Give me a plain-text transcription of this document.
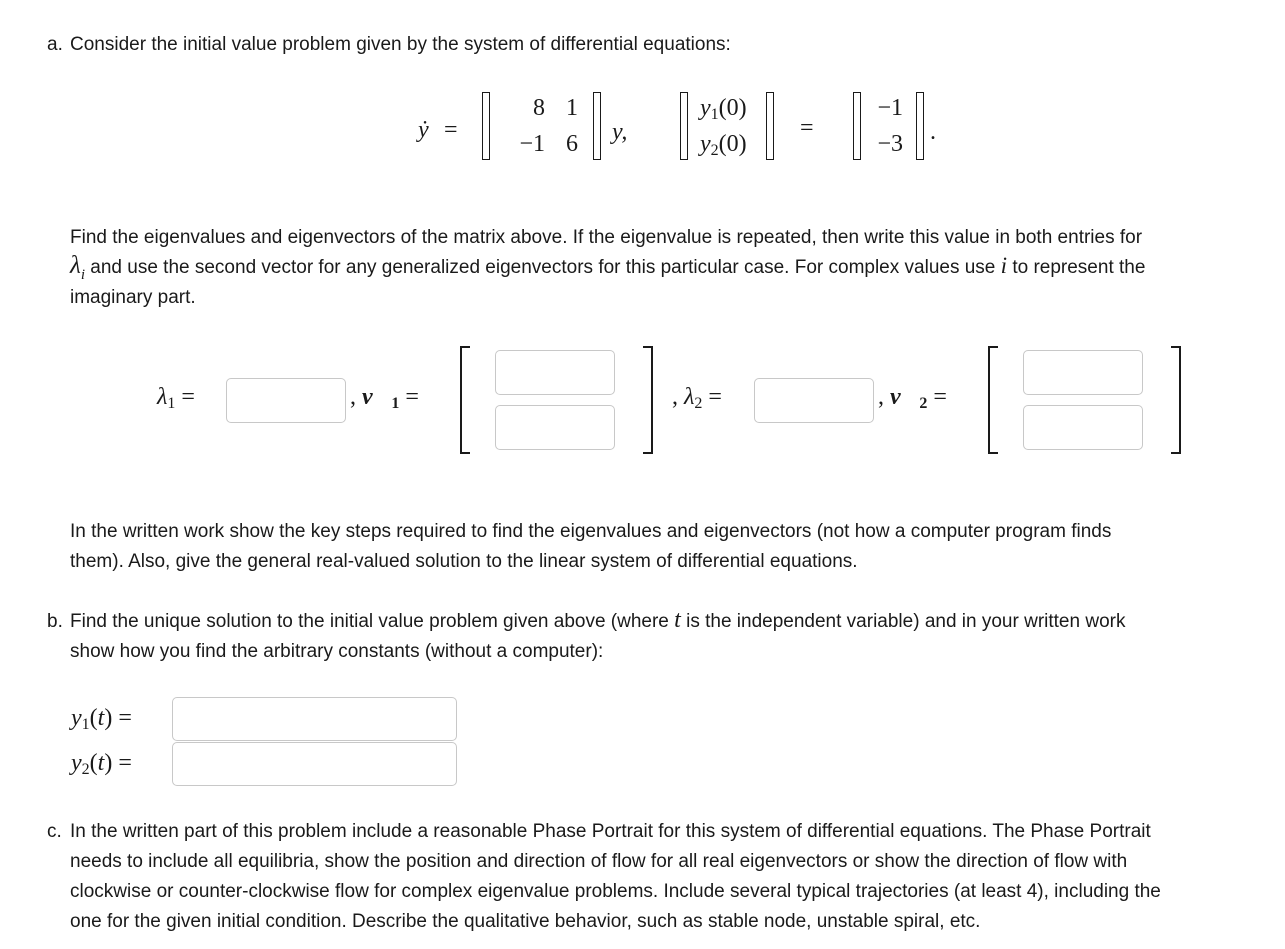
a. Consider the initial value problem given by the system of differential equations:
ẏ =
8 1
−1 6 y,
$y_1(0)$
$y_2(0)$
=
−1
−3 .
Find the eigenvalues and eigenvectors of the matrix above. If the eigenvalue is repeated, then write this value in both entries for
$\lambda_i$ and use the second vector for any generalized eigenvectors for this particular case. For complex values use i to represent the
imaginary part.
$\lambda_1$ =	, $v_1$ =	, $\lambda_2$ =	, $v_2$ =
In the written work show the key steps required to find the eigenvalues and eigenvectors (not how a computer program finds
them). Also, give the general real-valued solution to the linear system of differential equations.
b. Find the unique solution to the initial value problem given above (where t is the independent variable) and in your written work
show how you find the arbitrary constants (without a computer):
$y_1(t)$ =
$y_2(t)$ =
c. In the written part of this problem include a reasonable Phase Portrait for this system of differential equations. The Phase Portrait
needs to include all equilibria, show the position and direction of flow for all real eigenvectors or show the direction of flow with
clockwise or counter-clockwise flow for complex eigenvalue problems. Include several typical trajectories (at least 4), including the
one for the given initial condition. Describe the qualitative behavior, such as stable node, unstable spiral, etc.
